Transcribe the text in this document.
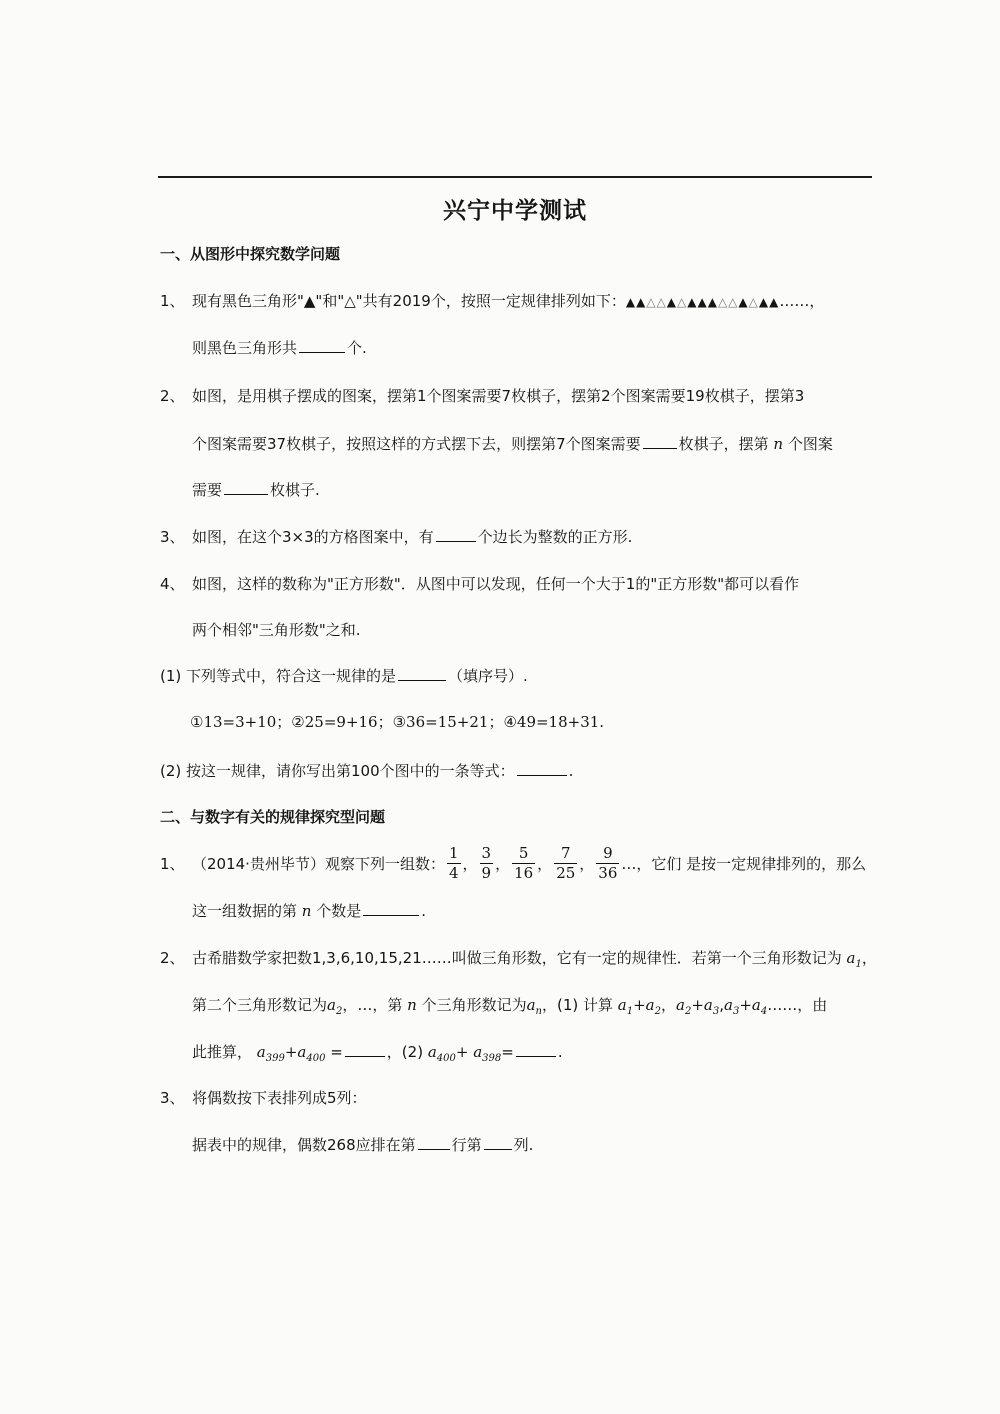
兴宁中学测试
一、从图形中探究数学问题
1、 现有黑色三角形"▲"和"△"共有2019个，按照一定规律排列如下：▲▲△△▲△▲▲▲△△▲△▲▲……，
则黑色三角形共	个.
2、 如图，是用棋子摆成的图案，摆第1个图案需要7枚棋子，摆第2个图案需要19枚棋子，摆第3
个图案需要37枚棋子，按照这样的方式摆下去，则摆第7个图案需要	枚棋子，摆第 n 个图案
需要	枚棋子.
3、 如图，在这个3×3的方格图案中，有	个边长为整数的正方形.
4、 如图，这样的数称为"正方形数"．从图中可以发现，任何一个大于1的"正方形数"都可以看作
两个相邻"三角形数"之和.
(1) 下列等式中，符合这一规律的是	（填序号）.
①13=3+10；②25=9+16；③36=15+21；④49=18+31.
(2) 按这一规律，请你写出第100个图中的一条等式：	.
二、与数字有关的规律探究型问题
1、 （2014·贵州毕节）观察下列一组数： $\frac{1}{4}$ ， $\frac{3}{9}$ ， $\frac{5}{16}$ ， $\frac{7}{25}$ ， $\frac{9}{36}$ …，它们 是按一定规律排列的，那么
这一组数据的第 n 个数是	.
2、 古希腊数学家把数1,3,6,10,15,21……叫做三角形数，它有一定的规律性．若第一个三角形数记为 $a_1$，
第二个三角形数记为$a_2$，…，第 n 个三角形数记为$a_n$，(1) 计算 $a_1+a_2$，$a_2+a_3,a_3+a_4\dots\dots$，由
此推算， $a_{399}+a_{400}$ =	，(2) $a_{400}+ a_{398}=$	.
3、 将偶数按下表排列成5列：
据表中的规律，偶数268应排在第 行第 列.
